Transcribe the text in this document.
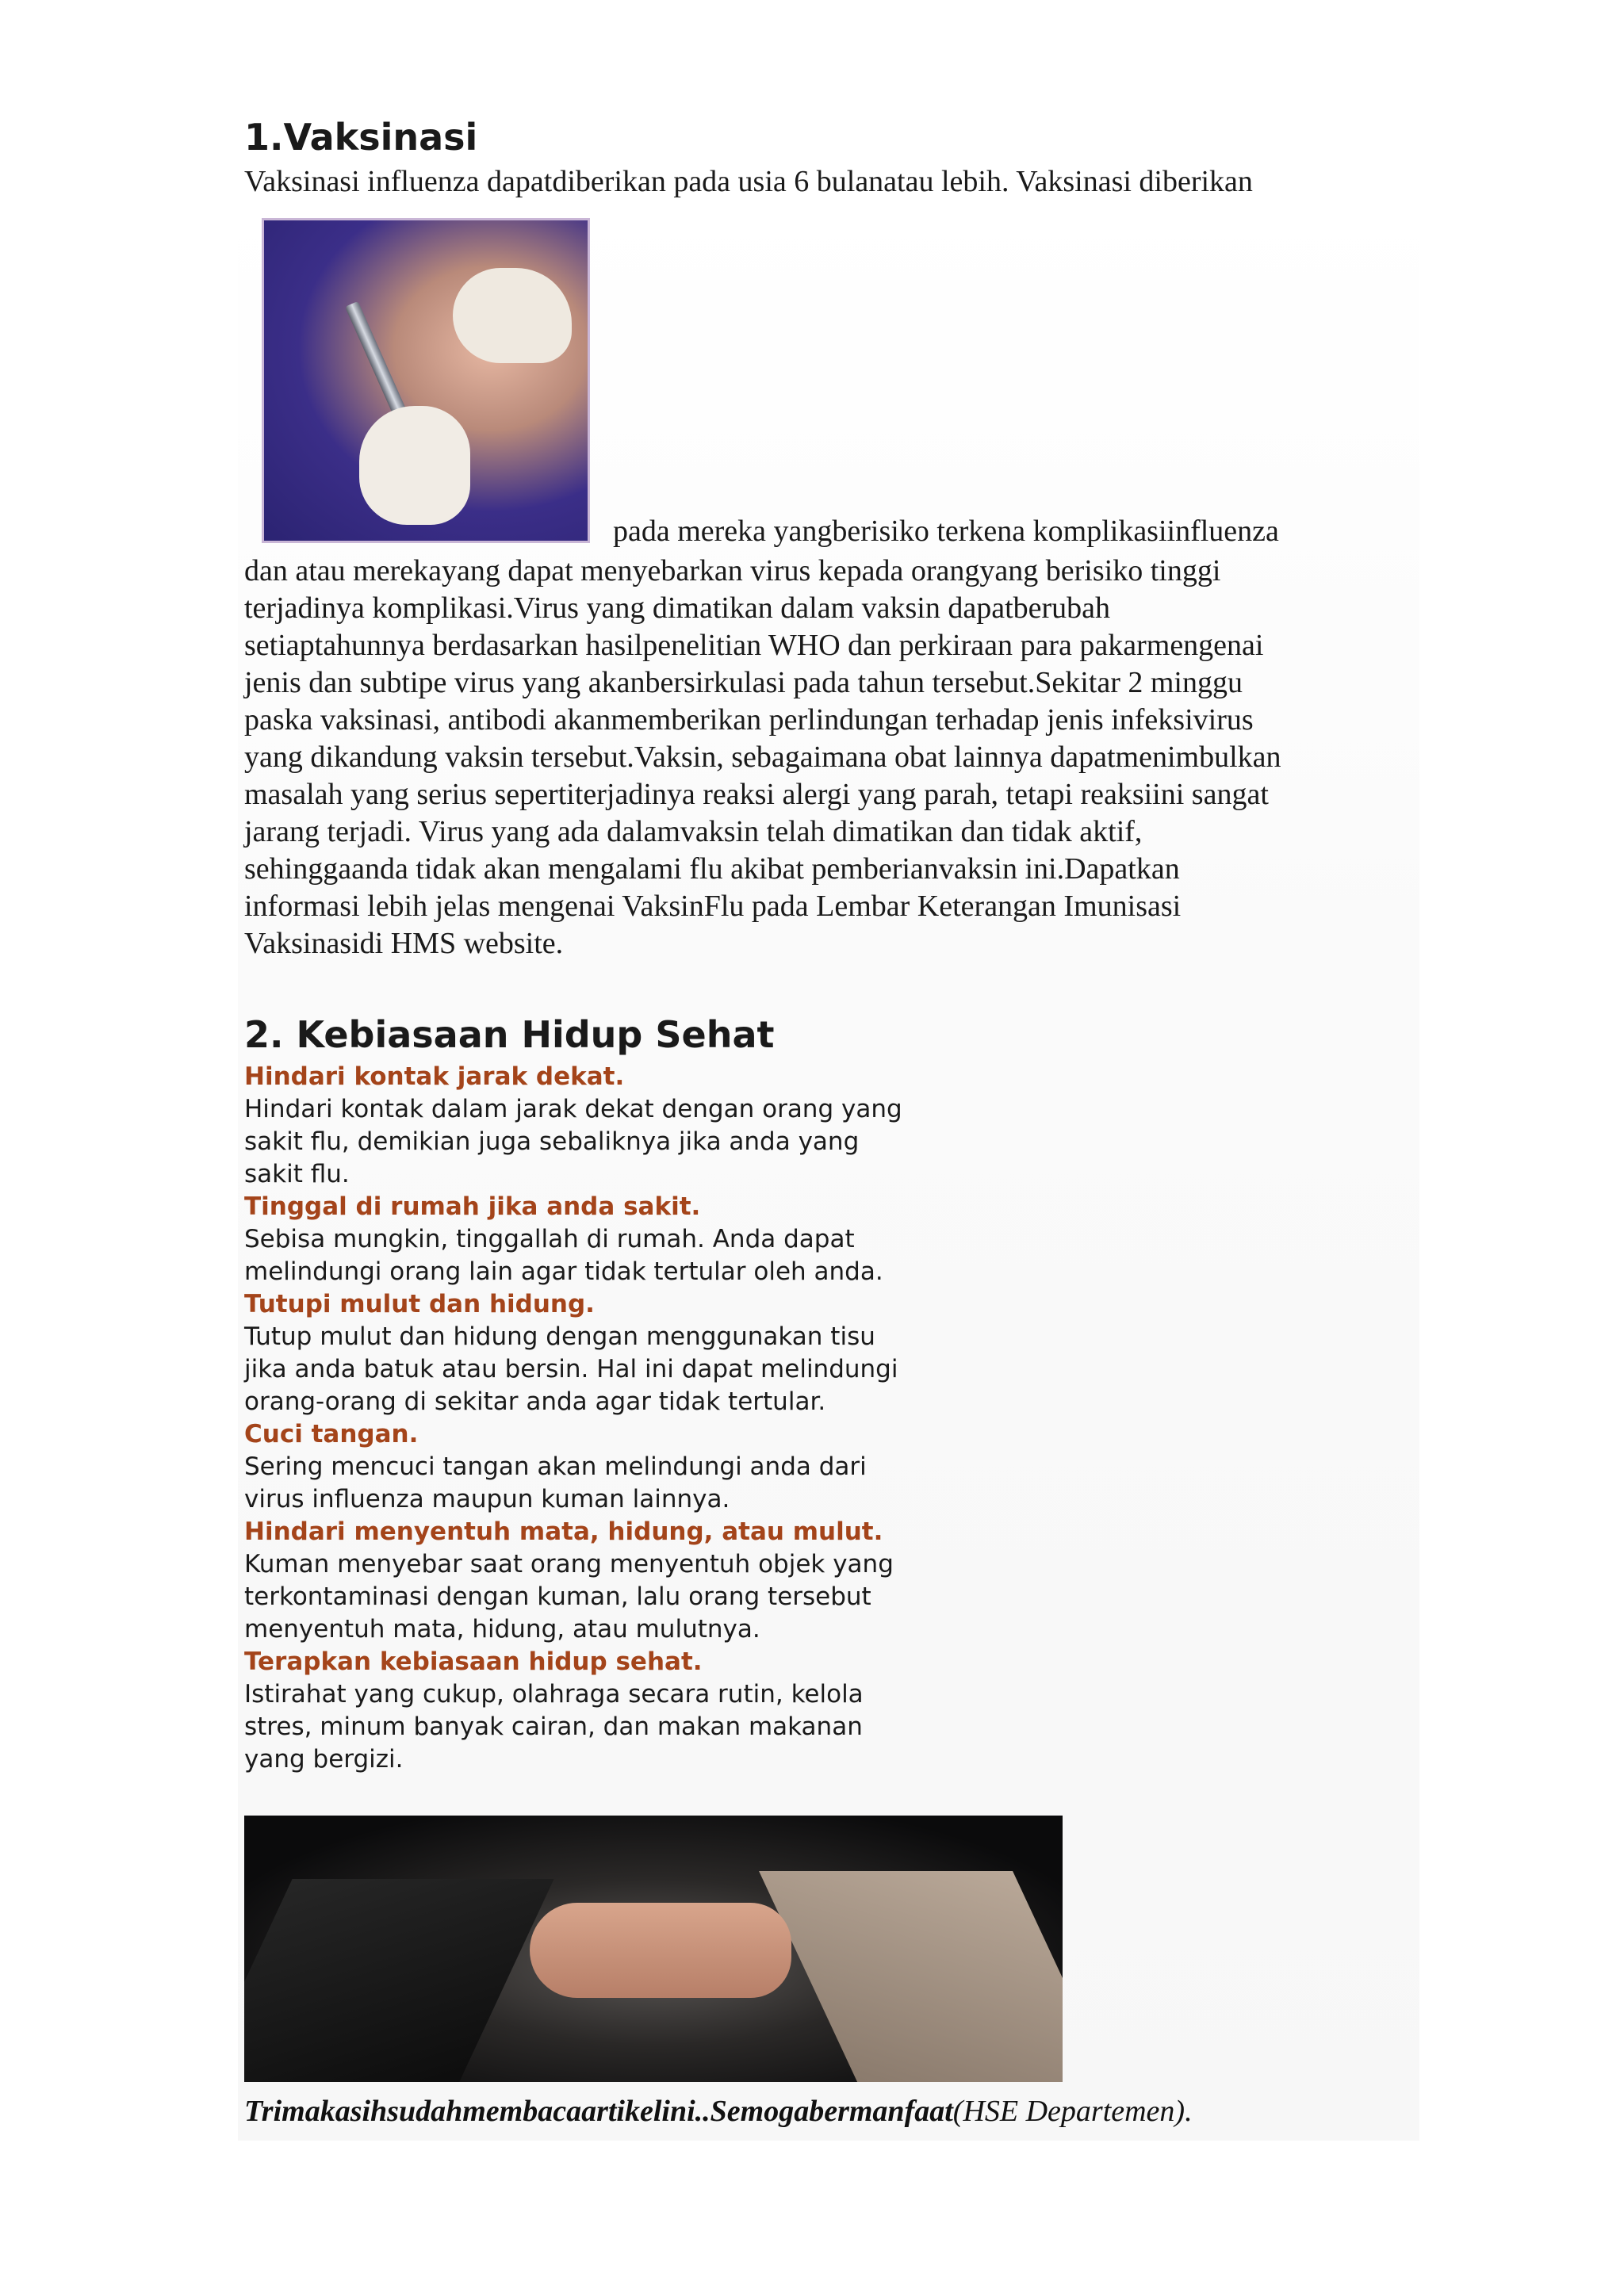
1.Vaksinasi

Vaksinasi influenza dapatdiberikan pada usia 6 bulanatau lebih. Vaksinasi diberikan

pada mereka yangberisiko terkena komplikasiinfluenza
dan atau merekayang dapat menyebarkan virus kepada orangyang berisiko tinggi
terjadinya komplikasi.Virus yang dimatikan dalam vaksin dapatberubah
setiaptahunnya berdasarkan hasilpenelitian WHO dan perkiraan para pakarmengenai
jenis dan subtipe virus yang akanbersirkulasi pada tahun tersebut.Sekitar 2 minggu
paska vaksinasi, antibodi akanmemberikan perlindungan terhadap jenis infeksivirus
yang dikandung vaksin tersebut.Vaksin, sebagaimana obat lainnya dapatmenimbulkan
masalah yang serius sepertiterjadinya reaksi alergi yang parah, tetapi reaksiini sangat
jarang terjadi. Virus yang ada dalamvaksin telah dimatikan dan tidak aktif,
sehinggaanda tidak akan mengalami flu akibat pemberianvaksin ini.Dapatkan
informasi lebih jelas mengenai VaksinFlu pada Lembar Keterangan Imunisasi
Vaksinasidi HMS website.
2. Kebiasaan Hidup Sehat

Hindari kontak jarak dekat.

Hindari kontak dalam jarak dekat dengan orang yang
sakit flu, demikian juga sebaliknya jika anda yang
sakit flu.

Tinggal di rumah jika anda sakit.

Sebisa mungkin, tinggallah di rumah. Anda dapat
melindungi orang lain agar tidak tertular oleh anda.

Tutupi mulut dan hidung.

Tutup mulut dan hidung dengan menggunakan tisu
jika anda batuk atau bersin. Hal ini dapat melindungi
orang-orang di sekitar anda agar tidak tertular.

Cuci tangan.

Sering mencuci tangan akan melindungi anda dari
virus influenza maupun kuman lainnya.

Hindari menyentuh mata, hidung, atau mulut.

Kuman menyebar saat orang menyentuh objek yang
terkontaminasi dengan kuman, lalu orang tersebut
menyentuh mata, hidung, atau mulutnya.

Terapkan kebiasaan hidup sehat.

Istirahat yang cukup, olahraga secara rutin, kelola
stres, minum banyak cairan, dan makan makanan
yang bergizi.
Trimakasihsudahmembacaartikelini..Semogabermanfaat(HSE Departemen).
